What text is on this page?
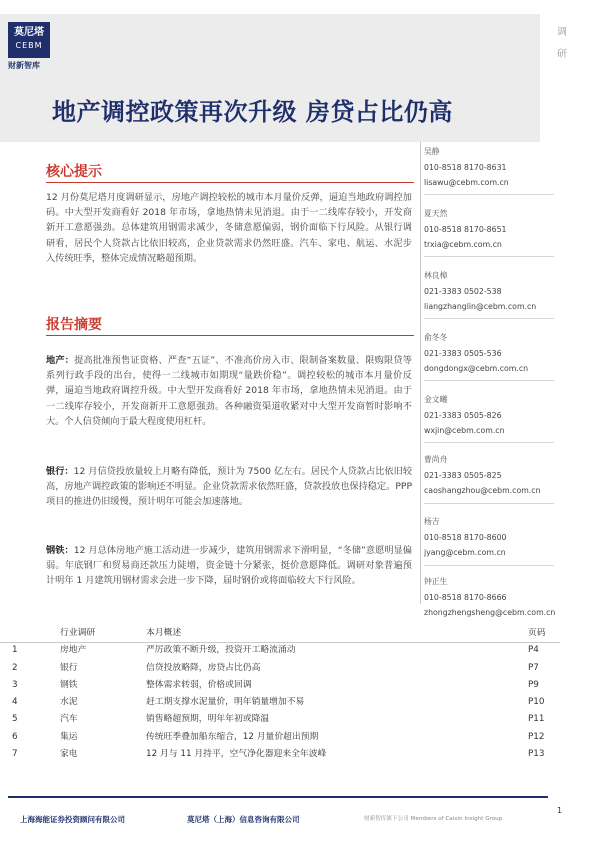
莫尼塔
CEBM
财新智库
调
研
地产调控政策再次升级 房贷占比仍高
核心提示
12 月份莫尼塔月度调研显示，房地产调控较松的城市本月量价反弹，逼迫当地政府调控加码。中大型开发商看好 2018 年市场，拿地热情未见消退。由于一二线库存较小，开发商新开工意愿强劲。总体建筑用钢需求减少，冬储意愿偏弱，钢价面临下行风险。从银行调研看，居民个人贷款占比依旧较高，企业贷款需求仍然旺盛。汽车、家电、航运、水泥步入传统旺季，整体完成情况略超预期。
报告摘要
地产：提高批准预售证资格、严查“五证”、不准高价房入市、限制备案数量、限购限贷等系列行政手段的出台，使得一二线城市如期现“量跌价稳”。调控较松的城市本月量价反弹，逼迫当地政府调控升级。中大型开发商看好 2018 年市场，拿地热情未见消退。由于一二线库存较小，开发商新开工意愿强劲。各种融资渠道收紧对中大型开发商暂时影响不大。个人信贷倾向于最大程度使用杠杆。
银行：12 月信贷投放量较上月略有降低，预计为 7500 亿左右。居民个人贷款占比依旧较高，房地产调控政策的影响还不明显。企业贷款需求依然旺盛，贷款投放也保持稳定。PPP 项目的推进仍旧缓慢，预计明年可能会加速落地。
钢铁：12 月总体房地产施工活动进一步减少，建筑用钢需求下滑明显，“冬储”意愿明显偏弱。年底钢厂和贸易商还款压力陡增，资金链十分紧张，挺价意愿降低。调研对象普遍预计明年 1 月建筑用钢材需求会进一步下降，届时钢价或将面临较大下行风险。
吴静
010-8518 8170-8631
lisawu@cebm.com.cn
夏天然
010-8518 8170-8651
trxia@cebm.com.cn
林良樟
021-3383 0502-538
liangzhanglin@cebm.com.cn
俞冬冬
021-3383 0505-536
dongdongx@cebm.com.cn
金文曦
021-3383 0505-826
wxjin@cebm.com.cn
曹尚舟
021-3383 0505-825
caoshangzhou@cebm.com.cn
杨吉
010-8518 8170-8600
jyang@cebm.com.cn
钟正生
010-8518 8170-8666
zhongzhengsheng@cebm.com.cn
行业调研	本月概述	页码
1	房地产	严厉政策不断升级，投资开工略流涌动	P4
2	银行	信贷投放略降，房贷占比仍高	P7
3	钢铁	整体需求转弱，价格或回调	P9
4	水泥	赶工期支撑水泥量价，明年销量增加不易	P10
5	汽车	销售略超预期，明年年初或降温	P11
6	集运	传统旺季叠加船东缩合，12 月量价超出预期	P12
7	家电	12 月与 11 月持平，空气净化器迎来全年波峰	P13
上海海能证券投资顾问有限公司	莫尼塔（上海）信息咨询有限公司	财新智库旗下公司 Members of Caixin Insight Group
1
